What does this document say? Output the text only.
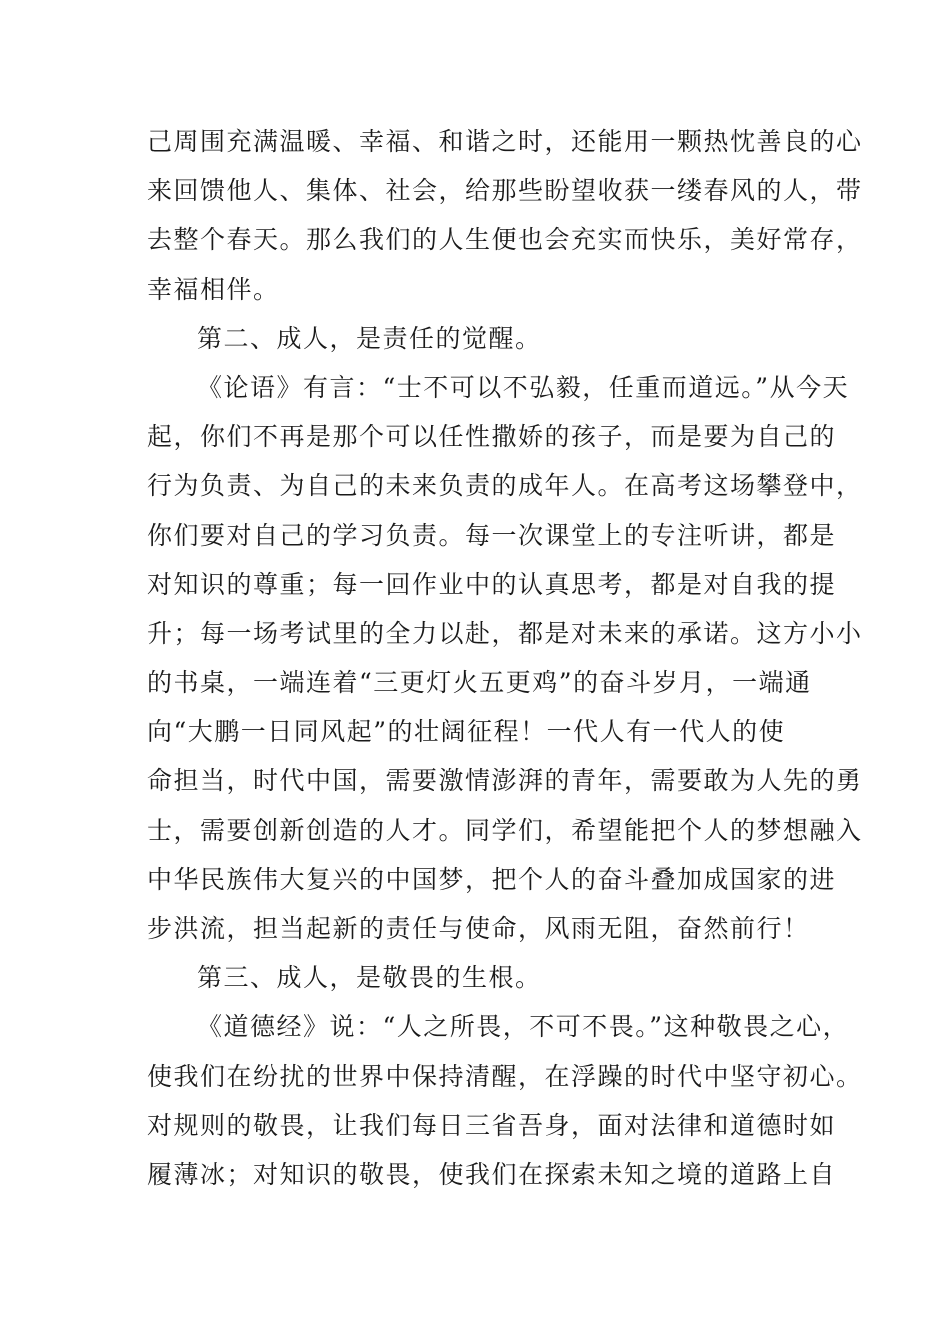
己周围充满温暖、幸福、和谐之时，还能用一颗热忱善良的心
来回馈他人、集体、社会，给那些盼望收获一缕春风的人，带
去整个春天。那么我们的人生便也会充实而快乐，美好常存，
幸福相伴。
第二、成人，是责任的觉醒。
《论语》有言：“士不可以不弘毅，任重而道远。”从今天
起，你们不再是那个可以任性撒娇的孩子，而是要为自己的
行为负责、为自己的未来负责的成年人。在高考这场攀登中，
你们要对自己的学习负责。每一次课堂上的专注听讲，都是
对知识的尊重；每一回作业中的认真思考，都是对自我的提
升；每一场考试里的全力以赴，都是对未来的承诺。这方小小
的书桌，一端连着“三更灯火五更鸡”的奋斗岁月，一端通
向“大鹏一日同风起”的壮阔征程！一代人有一代人的使
命担当，时代中国，需要激情澎湃的青年，需要敢为人先的勇
士，需要创新创造的人才。同学们，希望能把个人的梦想融入
中华民族伟大复兴的中国梦，把个人的奋斗叠加成国家的进
步洪流，担当起新的责任与使命，风雨无阻，奋然前行！
第三、成人，是敬畏的生根。
《道德经》说：“人之所畏，不可不畏。”这种敬畏之心，
使我们在纷扰的世界中保持清醒，在浮躁的时代中坚守初心。
对规则的敬畏，让我们每日三省吾身，面对法律和道德时如
履薄冰；对知识的敬畏，使我们在探索未知之境的道路上自
